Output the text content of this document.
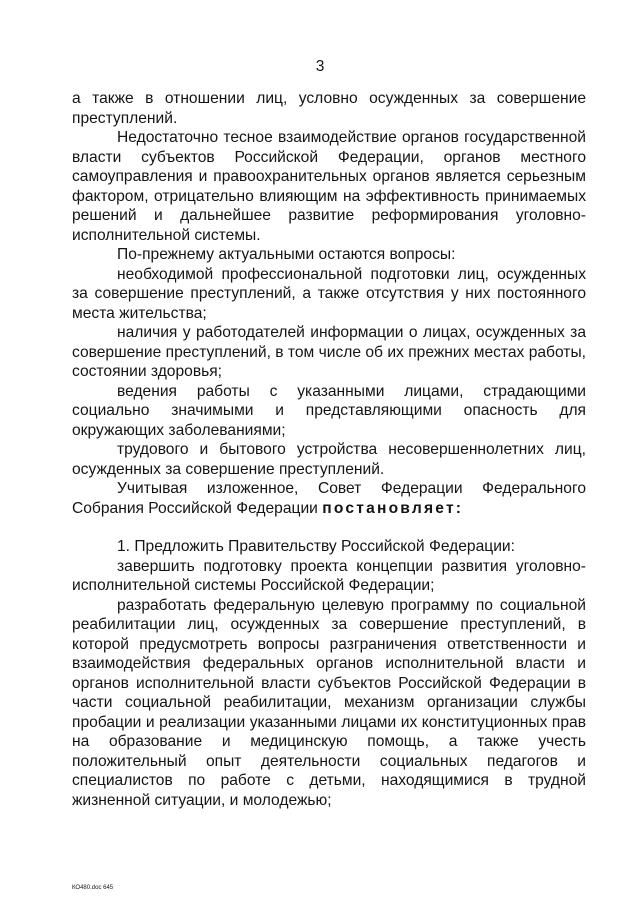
3

а также в отношении лиц, условно осужденных за совершение преступлений.

Недостаточно тесное взаимодействие органов государственной власти субъектов Российской Федерации, органов местного самоуправления и правоохранительных органов является серьезным фактором, отрицательно влияющим на эффективность принимаемых решений и дальнейшее развитие реформирования уголовно-исполнительной системы.

По-прежнему актуальными остаются вопросы:

необходимой профессиональной подготовки лиц, осужденных за совершение преступлений, а также отсутствия у них постоянного места жительства;

наличия у работодателей информации о лицах, осужденных за совершение преступлений, в том числе об их прежних местах работы, состоянии здоровья;

ведения работы с указанными лицами, страдающими социально значимыми и представляющими опасность для окружающих заболеваниями;

трудового и бытового устройства несовершеннолетних лиц, осужденных за совершение преступлений.

Учитывая изложенное, Совет Федерации Федерального Собрания Российской Федерации постановляет:

1. Предложить Правительству Российской Федерации:

завершить подготовку проекта концепции развития уголовно-исполнительной системы Российской Федерации;

разработать федеральную целевую программу по социальной реабилитации лиц, осужденных за совершение преступлений, в которой предусмотреть вопросы разграничения ответственности и взаимодействия федеральных органов исполнительной власти и органов исполнительной власти субъектов Российской Федерации в части социальной реабилитации, механизм организации службы пробации и реализации указанными лицами их конституционных прав на образование и медицинскую помощь, а также учесть положительный опыт деятельности социальных педагогов и специалистов по работе с детьми, находящимися в трудной жизненной ситуации, и молодежью;

КО480.doc 645
